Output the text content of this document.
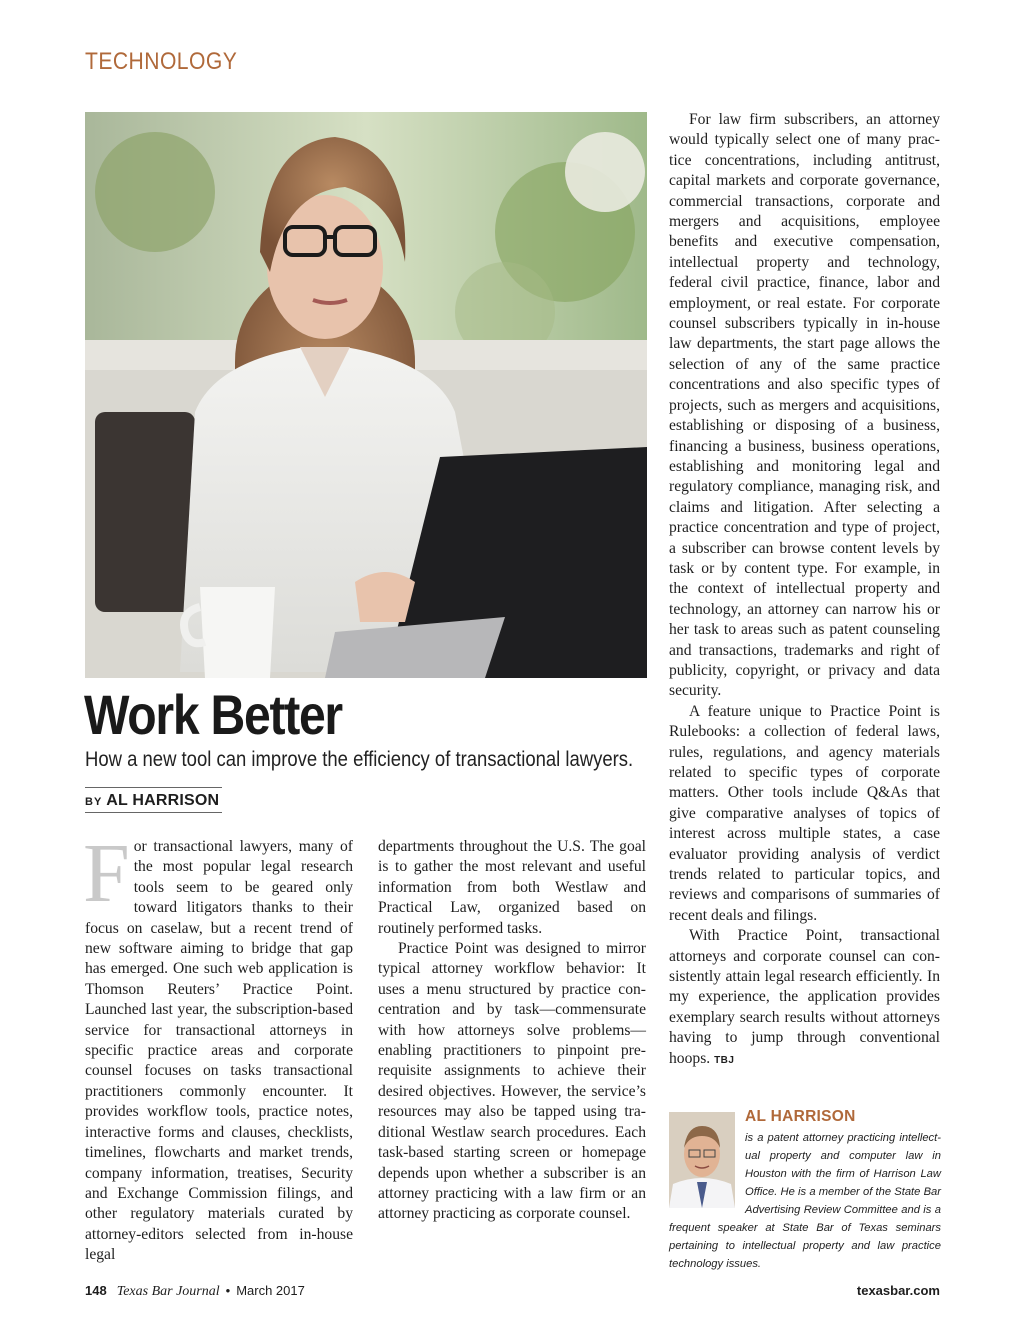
TECHNOLOGY
Work Better
How a new tool can improve the efficiency of transactional lawyers.
BY AL HARRISON

For transactional lawyers, many of the most popular legal research tools seem to be geared only toward litigators thanks to their focus on caselaw, but a recent trend of new software aiming to bridge that gap has emerged. One such web application is Thomson Reuters’ Practice Point. Launched last year, the subscription-based service for transactional attorneys in specific practice areas and corporate counsel focuses on tasks transactional practitioners commonly encounter. It provides workflow tools, practice notes, interactive forms and clauses, checklists, timelines, flowcharts and market trends, company information, treatises, Security and Exchange Commission filings, and other regulatory materials curated by attorney-editors selected from in-house legal

departments throughout the U.S. The goal is to gather the most relevant and useful information from both Westlaw and Practical Law, organized based on routinely performed tasks.

Practice Point was designed to mirror typical attorney workflow behavior: It uses a menu structured by practice concentration and by task—commensurate with how attorneys solve problems—enabling practitioners to pinpoint prerequisite assignments to achieve their desired objectives. However, the service’s resources may also be tapped using traditional Westlaw search procedures. Each task-based starting screen or homepage depends upon whether a subscriber is an attorney practicing with a law firm or an attorney practicing as corporate counsel.

For law firm subscribers, an attorney would typically select one of many practice concentrations, including antitrust, capital markets and corporate governance, commercial transactions, corporate and mergers and acquisitions, employee benefits and executive compensation, intellectual property and technology, federal civil practice, finance, labor and employment, or real estate. For corporate counsel subscribers typically in in-house law departments, the start page allows the selection of any of the same practice concentrations and also specific types of projects, such as mergers and acquisitions, establishing or disposing of a business, financing a business, business operations, establishing and monitoring legal and regulatory compliance, managing risk, and claims and litigation. After selecting a practice concentration and type of project, a subscriber can browse content levels by task or by content type. For example, in the context of intellectual property and technology, an attorney can narrow his or her task to areas such as patent counseling and transactions, trademarks and right of publicity, copyright, or privacy and data security.

A feature unique to Practice Point is Rulebooks: a collection of federal laws, rules, regulations, and agency materials related to specific types of corporate matters. Other tools include Q&As that give comparative analyses of topics of interest across multiple states, a case evaluator providing analysis of verdict trends related to particular topics, and reviews and comparisons of summaries of recent deals and filings.

With Practice Point, transactional attorneys and corporate counsel can consistently attain legal research efficiently. In my experience, the application provides exemplary search results without attorneys having to jump through conventional hoops. TBJ

AL HARRISON
is a patent attorney practicing intellectual property and computer law in Houston with the firm of Harrison Law Office. He is a member of the State Bar Advertising Review Committee and is a frequent speaker at State Bar of Texas seminars pertaining to intellectual property and law practice technology issues.
148 Texas Bar Journal • March 2017	texasbar.com
